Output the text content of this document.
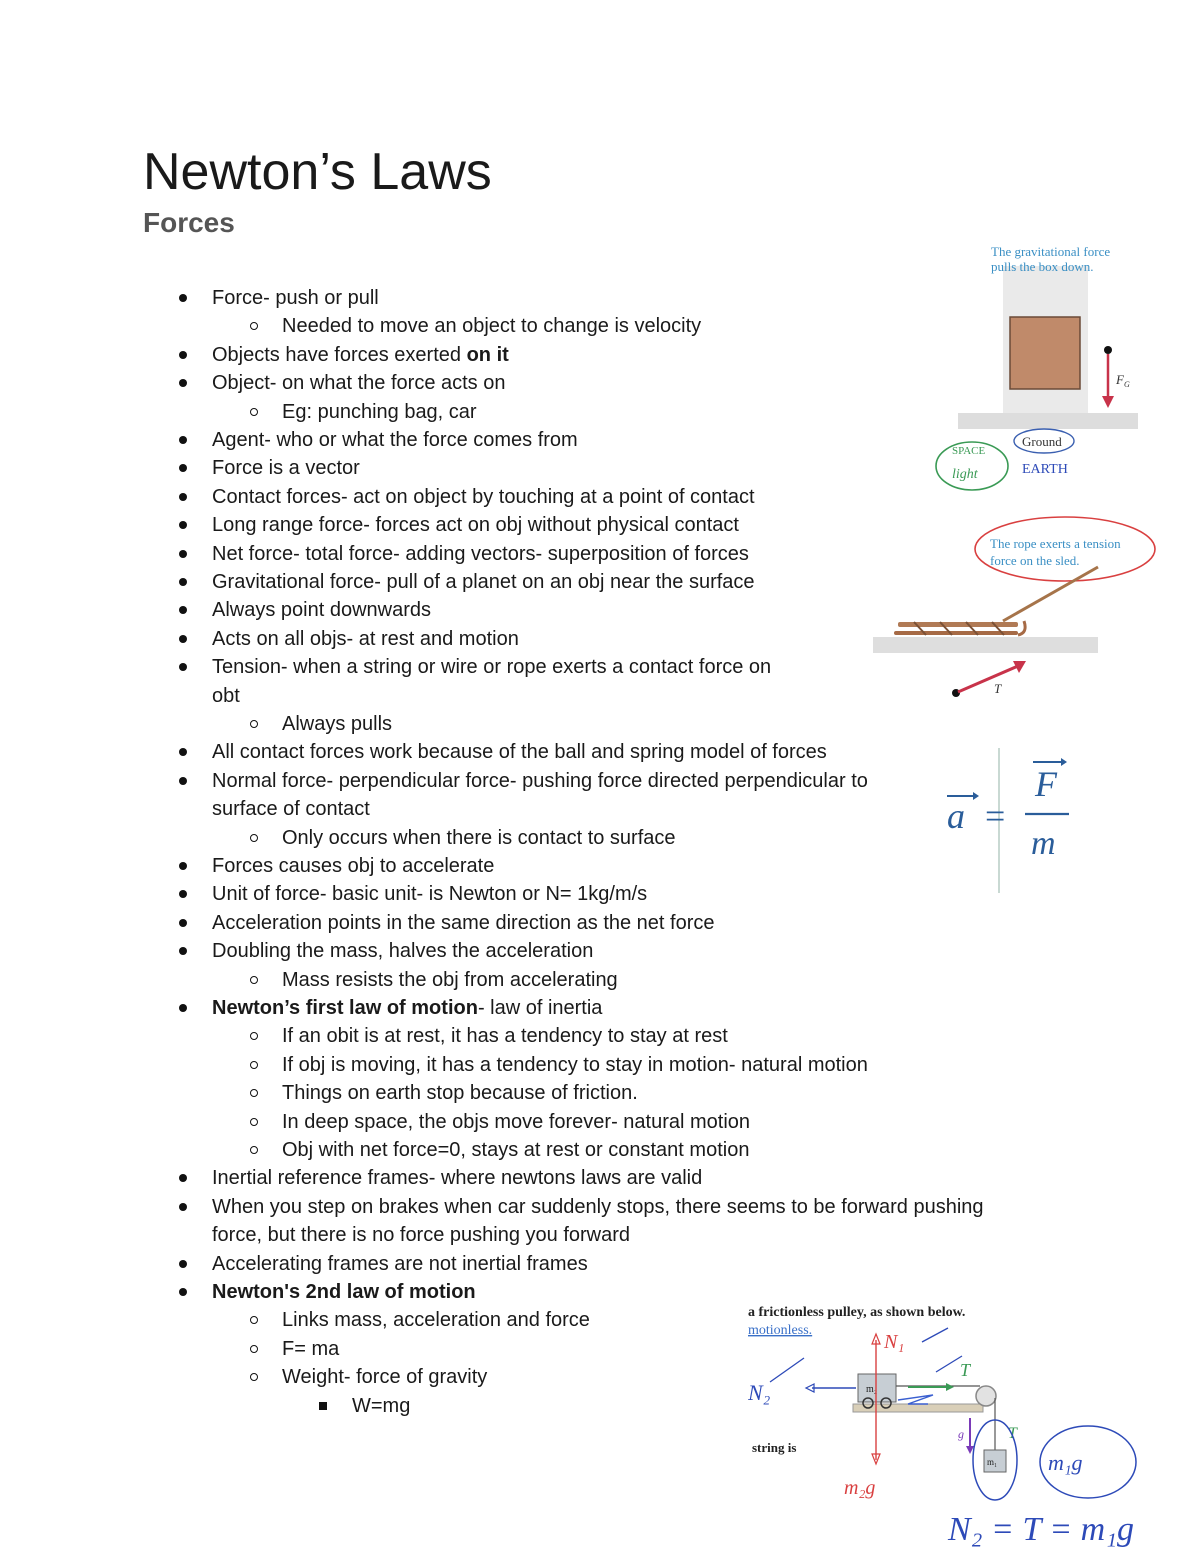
Newton’s Laws
Forces
Force- push or pull
Needed to move an object to change is velocity
Objects have forces exerted on it
Object- on what the force acts on
Eg: punching bag, car
Agent- who or what the force comes from
Force is a vector
Contact forces- act on object by touching at a point of contact
Long range force- forces act on obj without physical contact
Net force- total force- adding vectors- superposition of forces
Gravitational force- pull of a planet on an obj near the surface
Always point downwards
Acts on all objs- at rest and motion
Tension- when a string or wire or rope exerts a contact force on
obt
Always pulls
All contact forces work because of the ball and spring model of forces
Normal force- perpendicular force- pushing force directed perpendicular to
surface of contact
Only occurs when there is contact to surface
Forces causes obj to accelerate
Unit of force- basic unit- is Newton or N= 1kg/m/s
Acceleration points in the same direction as the net force
Doubling the mass, halves the acceleration
Mass resists the obj from accelerating
Newton’s first law of motion- law of inertia
If an obit is at rest, it has a tendency to stay at rest
If obj is moving, it has a tendency to stay in motion- natural motion
Things on earth stop because of friction.
In deep space, the objs move forever- natural motion
Obj with net force=0, stays at rest or constant motion
Inertial reference frames- where newtons laws are valid
When you step on brakes when car suddenly stops, there seems to be forward pushing
force, but there is no force pushing you forward
Accelerating frames are not inertial frames
Newton's 2nd law of motion
Links mass, acceleration and force
F= ma
Weight- force of gravity
W=mg
The gravitational force
pulls the box down.
F G
Ground
SPACE
light	EARTH
The rope exerts a tension
force on the sled.
T
a =
F
m
a frictionless pulley, as shown below.
motionless.
string is
m₂
m₁
N₁
m₂g
N₂
T
T
g
m₁g
N₂ = T = m₁g
